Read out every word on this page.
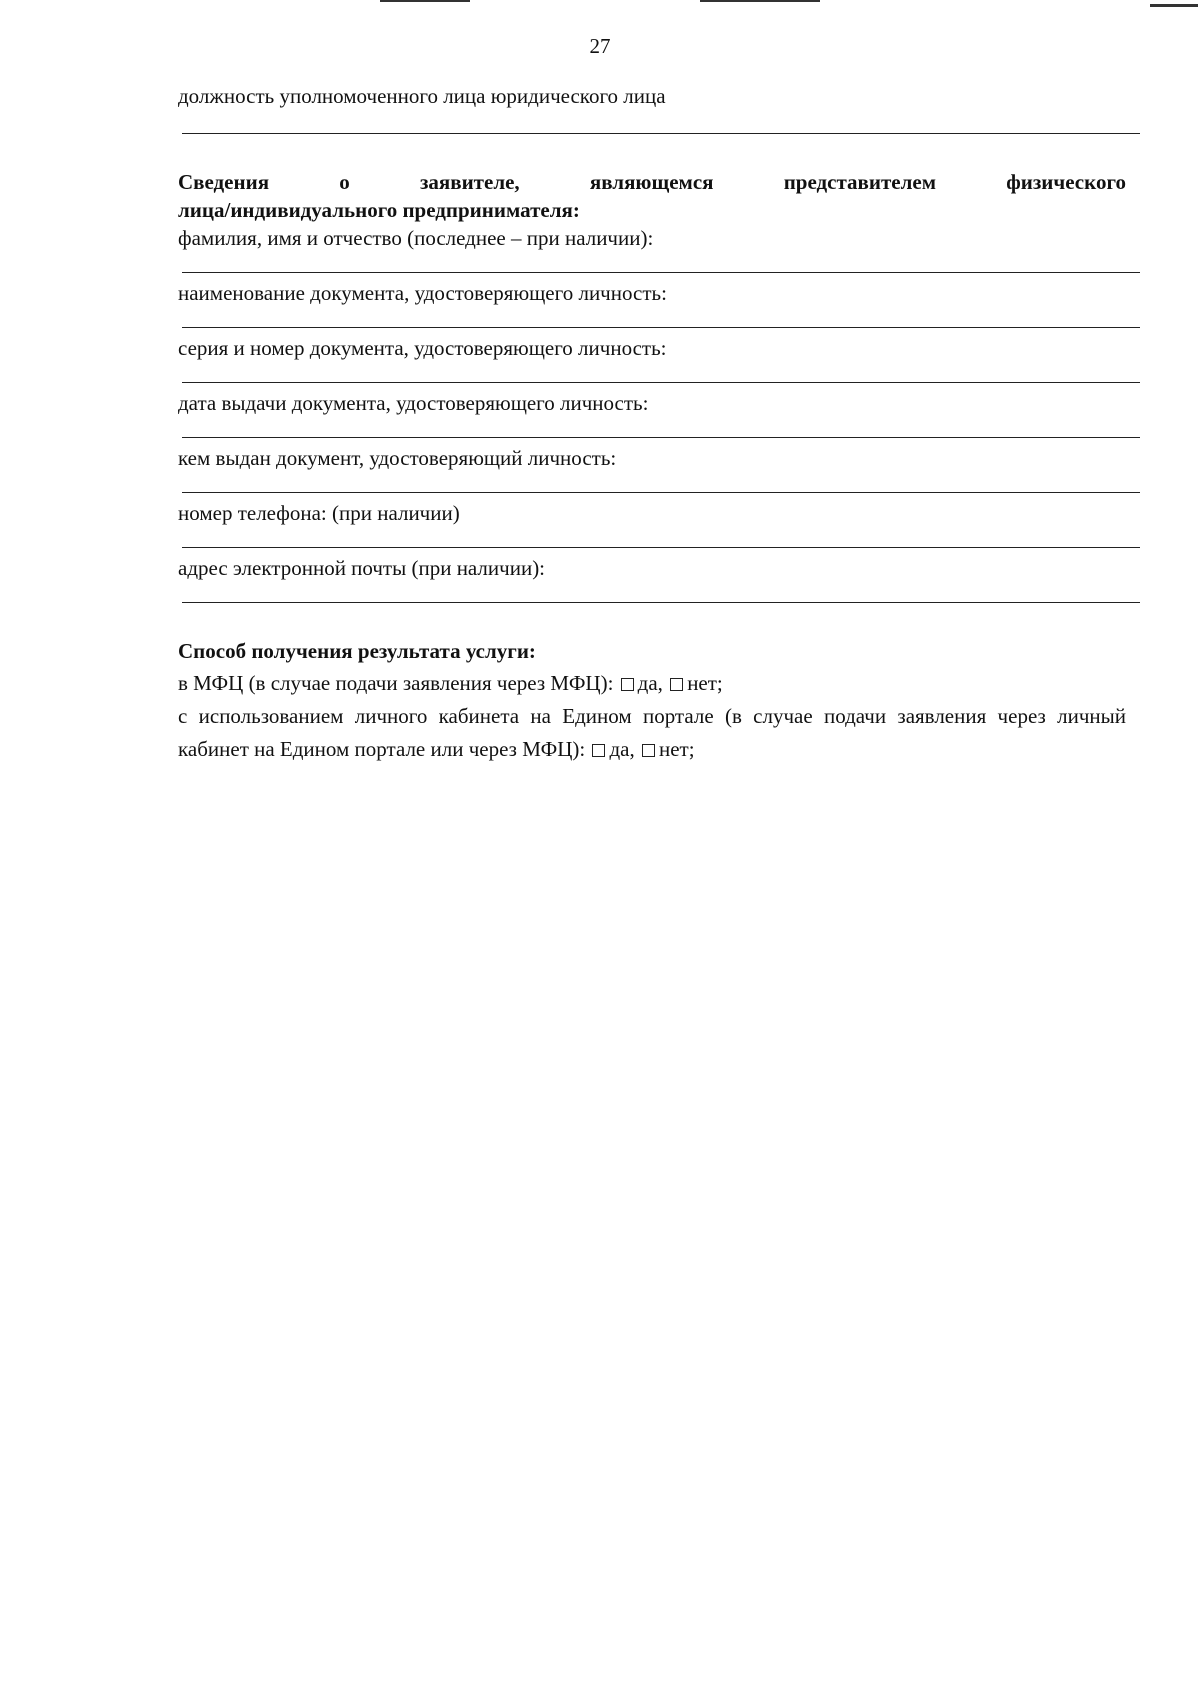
27

должность уполномоченного лица юридического лица

Сведения	о	заявителе,	являющемся	представителем	физического

лица/индивидуального предпринимателя:

фамилия, имя и отчество (последнее – при наличии):

наименование документа, удостоверяющего личность:

серия и номер документа, удостоверяющего личность:

дата выдачи документа, удостоверяющего личность:

кем выдан документ, удостоверяющий личность:

номер телефона: (при наличии)

адрес электронной почты (при наличии):

Способ получения результата услуги:

в МФЦ (в случае подачи заявления через МФЦ): да, нет;

с использованием личного кабинета на Едином портале (в случае подачи заявления через личный кабинет на Едином портале или через МФЦ): да, нет;
